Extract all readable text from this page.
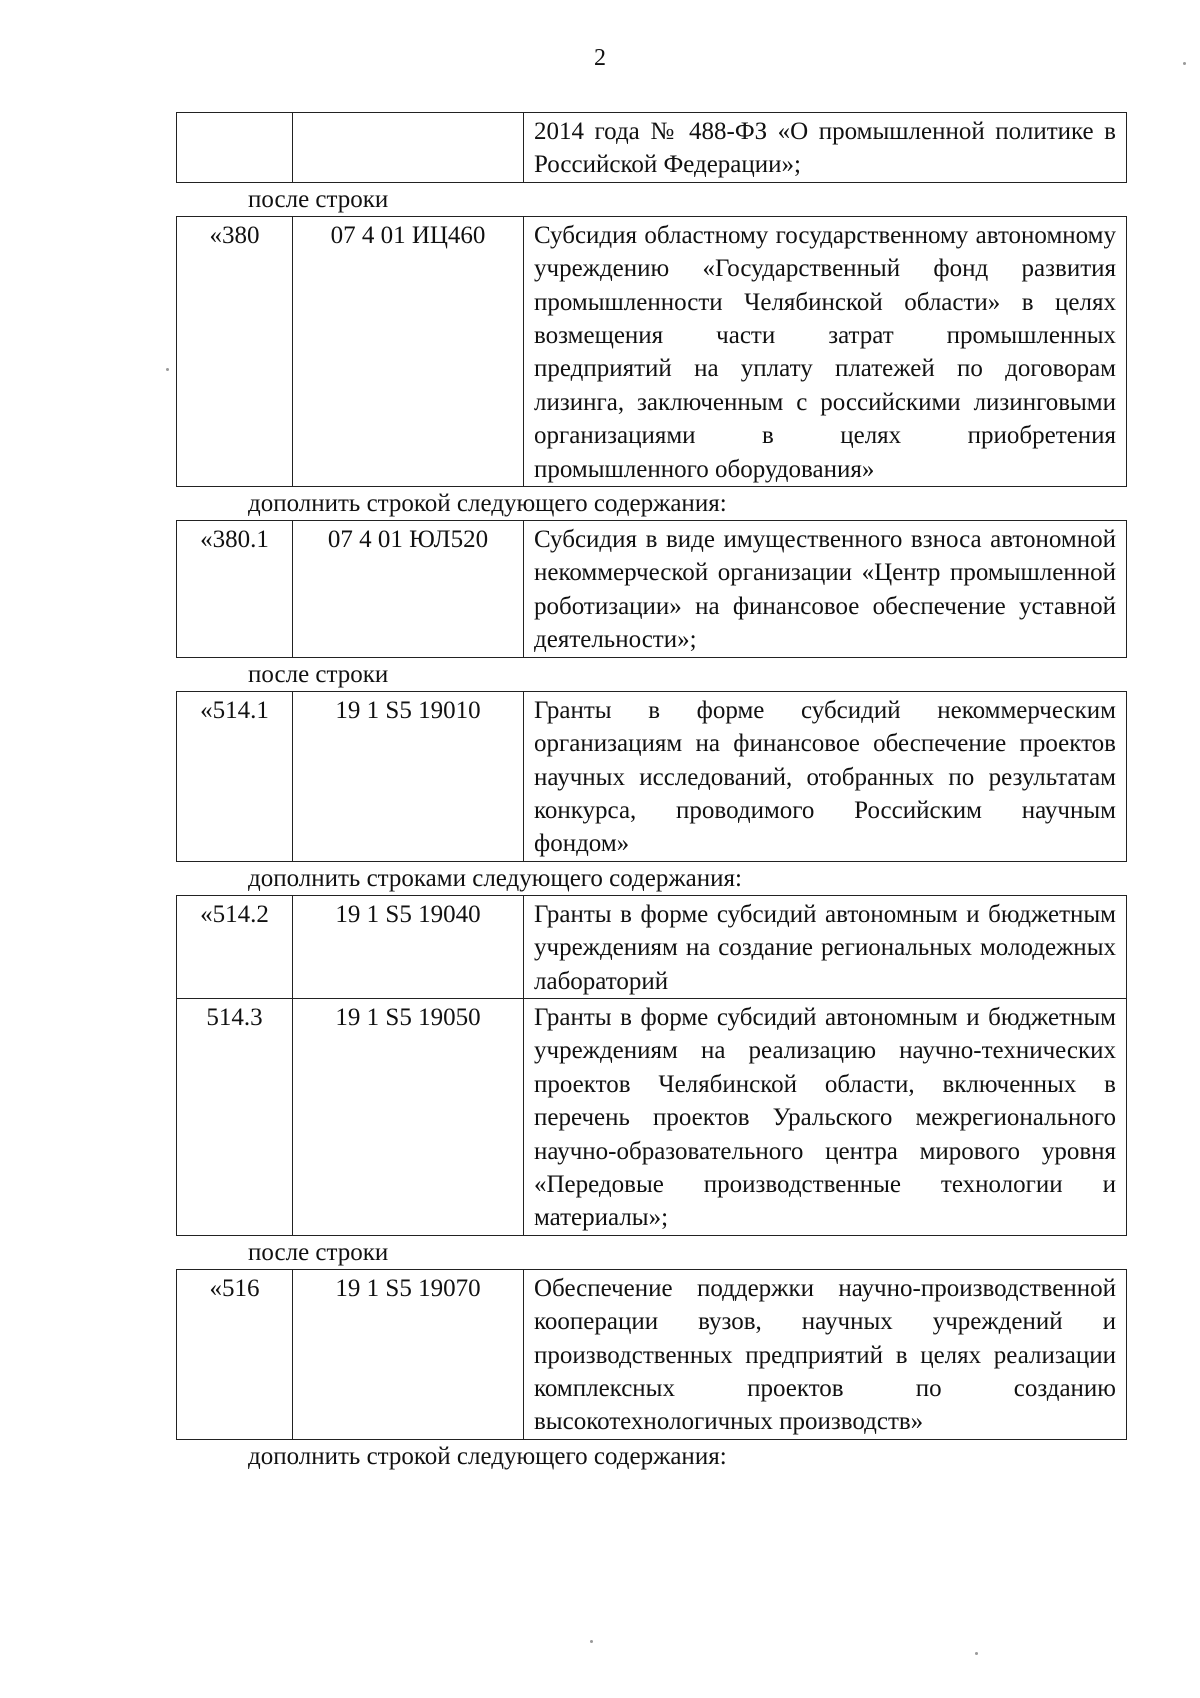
2
		2014 года № 488-ФЗ «О промышленной политике в Российской Федерации»;
после строки
«380	07 4 01 ИЦ460	Субсидия областному государственному автономному учреждению «Государственный фонд развития промышленности Челябинской области» в целях возмещения части затрат промышленных предприятий на уплату платежей по договорам лизинга, заключенным с российскими лизинговыми организациями в целях приобретения промышленного оборудования»
дополнить строкой следующего содержания:
«380.1	07 4 01 ЮЛ520	Субсидия в виде имущественного взноса автономной некоммерческой организации «Центр промышленной роботизации» на финансовое обеспечение уставной деятельности»;
после строки
«514.1	19 1 S5 19010	Гранты в форме субсидий некоммерческим организациям на финансовое обеспечение проектов научных исследований, отобранных по результатам конкурса, проводимого Российским научным фондом»
дополнить строками следующего содержания:
«514.2	19 1 S5 19040	Гранты в форме субсидий автономным и бюджетным учреждениям на создание региональных молодежных лабораторий
514.3	19 1 S5 19050	Гранты в форме субсидий автономным и бюджетным учреждениям на реализацию научно-технических проектов Челябинской области, включенных в перечень проектов Уральского межрегионального научно-образовательного центра мирового уровня «Передовые производственные технологии и материалы»;
после строки
«516	19 1 S5 19070	Обеспечение поддержки научно-производственной кооперации вузов, научных учреждений и производственных предприятий в целях реализации комплексных проектов по созданию высокотехнологичных производств»
дополнить строкой следующего содержания:
